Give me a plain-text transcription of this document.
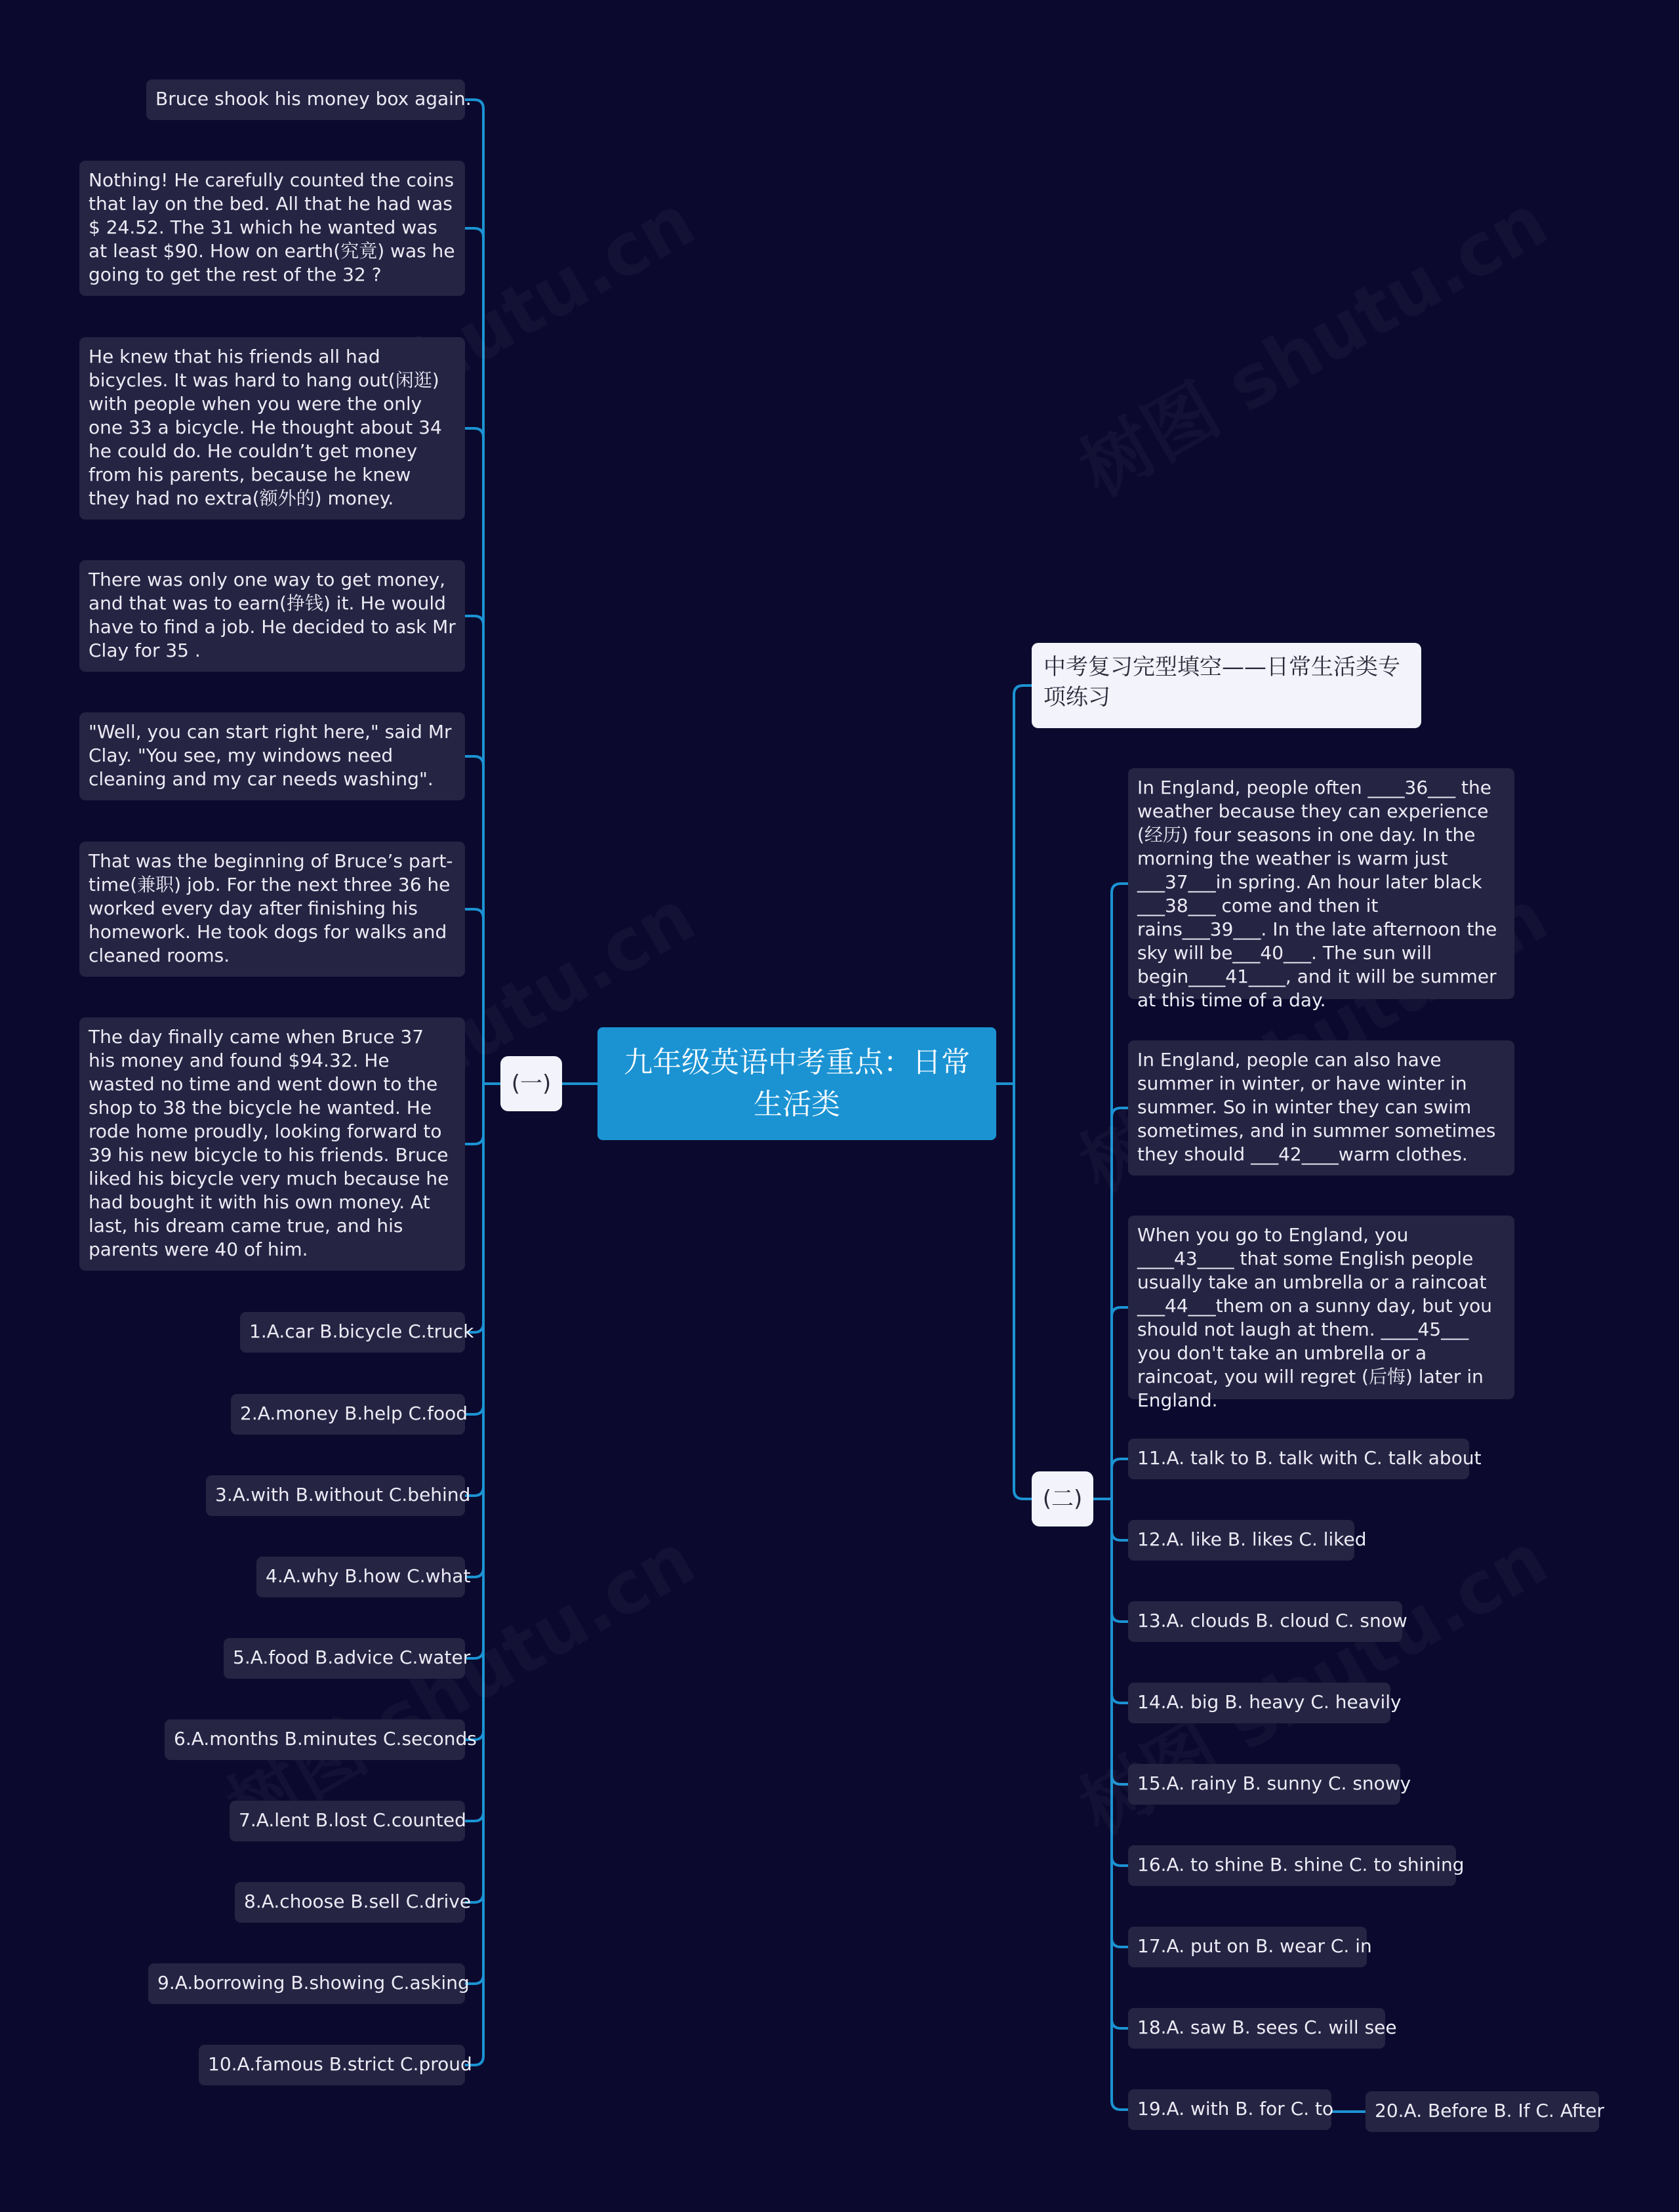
九年级英语中考重点：日常生活类
(一)
(二)
中考复习完型填空——日常生活类专项练习
Bruce shook his money box again.
Nothing! He carefully counted the coins that lay on the bed. All that he had was $ 24.52. The 31 which he wanted was at least $90. How on earth(究竟) was he going to get the rest of the 32 ?
He knew that his friends all had bicycles. It was hard to hang out(闲逛) with people when you were the only one 33 a bicycle. He thought about 34 he could do. He couldn’t get money from his parents, because he knew they had no extra(额外的) money.
There was only one way to get money, and that was to earn(挣钱) it. He would have to find a job. He decided to ask Mr Clay for 35 .
"Well, you can start right here," said Mr Clay. "You see, my windows need cleaning and my car needs washing".
That was the beginning of Bruce’s part-time(兼职) job. For the next three 36 he worked every day after finishing his homework. He took dogs for walks and cleaned rooms.
The day finally came when Bruce 37 his money and found $94.32. He wasted no time and went down to the shop to 38 the bicycle he wanted. He rode home proudly, looking forward to 39 his new bicycle to his friends. Bruce liked his bicycle very much because he had bought it with his own money. At last, his dream came true, and his parents were 40 of him.
1.A.car B.bicycle C.truck
2.A.money B.help C.food
3.A.with B.without C.behind
4.A.why B.how C.what
5.A.food B.advice C.water
6.A.months B.minutes C.seconds
7.A.lent B.lost C.counted
8.A.choose B.sell C.drive
9.A.borrowing B.showing C.asking
10.A.famous B.strict C.proud
In England, people often ____36___ the weather because they can experience (经历) four seasons in one day. In the morning the weather is warm just ___37___in spring. An hour later black ___38___ come and then it rains___39___. In the late afternoon the sky will be___40___. The sun will begin____41____, and it will be summer at this time of a day.
In England, people can also have summer in winter, or have winter in summer. So in winter they can swim sometimes, and in summer sometimes they should ___42____warm clothes.
When you go to England, you ____43____ that some English people usually take an umbrella or a raincoat ___44___them on a sunny day, but you should not laugh at them. ____45___ you don't take an umbrella or a raincoat, you will regret (后悔) later in England.
11.A. talk to B. talk with C. talk about
12.A. like B. likes C. liked
13.A. clouds B. cloud C. snow
14.A. big B. heavy C. heavily
15.A. rainy B. sunny C. snowy
16.A. to shine B. shine C. to shining
17.A. put on B. wear C. in
18.A. saw B. sees C. will see
19.A. with B. for C. to	20.A. Before B. If C. After
